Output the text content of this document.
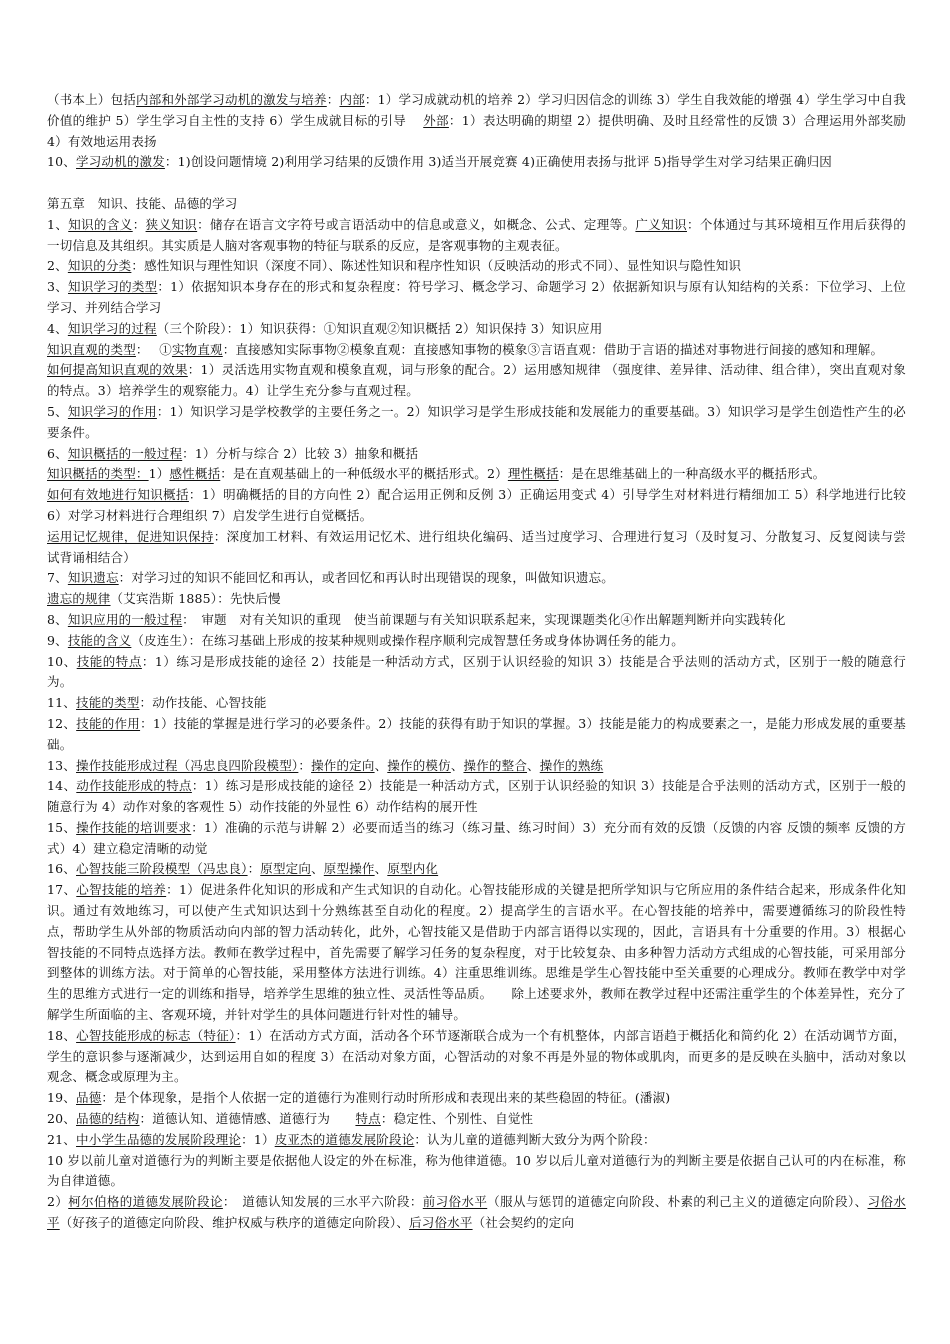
（书本上）包括内部和外部学习动机的激发与培养：内部：1）学习成就动机的培养 2）学习归因信念的训练 3）学生自我效能的增强 4）学生学习中自我价值的维护 5）学生学习自主性的支持 6）学生成就目标的引导　 外部：1）表达明确的期望 2）提供明确、及时且经常性的反馈 3）合理运用外部奖励 4）有效地运用表扬

10、学习动机的激发：1)创设问题情境 2)利用学习结果的反馈作用 3)适当开展竞赛 4)正确使用表扬与批评 5)指导学生对学习结果正确归因

第五章　知识、技能、品德的学习

1、知识的含义：狭义知识：储存在语言文字符号或言语活动中的信息或意义，如概念、公式、定理等。广义知识：个体通过与其环境相互作用后获得的一切信息及其组织。其实质是人脑对客观事物的特征与联系的反应，是客观事物的主观表征。

2、知识的分类：感性知识与理性知识（深度不同）、陈述性知识和程序性知识（反映活动的形式不同）、显性知识与隐性知识

3、知识学习的类型：1）依据知识本身存在的形式和复杂程度：符号学习、概念学习、命题学习 2）依据新知识与原有认知结构的关系：下位学习、上位学习、并列结合学习

4、知识学习的过程（三个阶段）：1）知识获得：①知识直观②知识概括 2）知识保持 3）知识应用

知识直观的类型：　 ①实物直观：直接感知实际事物②模象直观：直接感知事物的模象③言语直观：借助于言语的描述对事物进行间接的感知和理解。

如何提高知识直观的效果：1）灵活选用实物直观和模象直观，词与形象的配合。2）运用感知规律 （强度律、差异律、活动律、组合律），突出直观对象的特点。3）培养学生的观察能力。4）让学生充分参与直观过程。

5、知识学习的作用：1）知识学习是学校教学的主要任务之一。2）知识学习是学生形成技能和发展能力的重要基础。3）知识学习是学生创造性产生的必要条件。

6、知识概括的一般过程：1）分析与综合 2）比较 3）抽象和概括

知识概括的类型：1）感性概括：是在直观基础上的一种低级水平的概括形式。2）理性概括：是在思维基础上的一种高级水平的概括形式。

如何有效地进行知识概括：1）明确概括的目的方向性 2）配合运用正例和反例 3）正确运用变式 4）引导学生对材料进行精细加工 5）科学地进行比较 6）对学习材料进行合理组织 7）启发学生进行自觉概括。

运用记忆规律，促进知识保持：深度加工材料、有效运用记忆术、进行组块化编码、适当过度学习、合理进行复习（及时复习、分散复习、反复阅读与尝试背诵相结合）

7、知识遗忘：对学习过的知识不能回忆和再认，或者回忆和再认时出现错误的现象，叫做知识遗忘。

遗忘的规律（艾宾浩斯 1885）：先快后慢

8、知识应用的一般过程：　审题　对有关知识的重现　使当前课题与有关知识联系起来，实现课题类化④作出解题判断并向实践转化

9、技能的含义（皮连生）：在练习基础上形成的按某种规则或操作程序顺利完成智慧任务或身体协调任务的能力。

10、技能的特点：1）练习是形成技能的途径 2）技能是一种活动方式，区别于认识经验的知识 3）技能是合乎法则的活动方式，区别于一般的随意行为。

11、技能的类型：动作技能、心智技能

12、技能的作用：1）技能的掌握是进行学习的必要条件。2）技能的获得有助于知识的掌握。3）技能是能力的构成要素之一，是能力形成发展的重要基础。

13、操作技能形成过程（冯忠良四阶段模型）：操作的定向、操作的模仿、操作的整合、操作的熟练

14、动作技能形成的特点：1）练习是形成技能的途径 2）技能是一种活动方式，区别于认识经验的知识 3）技能是合乎法则的活动方式，区别于一般的随意行为 4）动作对象的客观性 5）动作技能的外显性 6）动作结构的展开性

15、操作技能的培训要求：1）准确的示范与讲解 2）必要而适当的练习（练习量、练习时间）3）充分而有效的反馈（反馈的内容 反馈的频率 反馈的方式）4）建立稳定清晰的动觉

16、心智技能三阶段模型（冯忠良）：原型定向、原型操作、原型内化

17、心智技能的培养：1）促进条件化知识的形成和产生式知识的自动化。心智技能形成的关键是把所学知识与它所应用的条件结合起来，形成条件化知识。通过有效地练习，可以使产生式知识达到十分熟练甚至自动化的程度。2）提高学生的言语水平。在心智技能的培养中，需要遵循练习的阶段性特点，帮助学生从外部的物质活动向内部的智力活动转化，此外，心智技能又是借助于内部言语得以实现的，因此，言语具有十分重要的作用。3）根据心智技能的不同特点选择方法。教师在教学过程中，首先需要了解学习任务的复杂程度，对于比较复杂、由多种智力活动方式组成的心智技能，可采用部分到整体的训练方法。对于简单的心智技能，采用整体方法进行训练。4）注重思维训练。思维是学生心智技能中至关重要的心理成分。教师在教学中对学生的思维方式进行一定的训练和指导，培养学生思维的独立性、灵活性等品质。　　除上述要求外，教师在教学过程中还需注重学生的个体差异性，充分了解学生所面临的主、客观环境，并针对学生的具体问题进行针对性的辅导。

18、心智技能形成的标志（特征）：1）在活动方式方面，活动各个环节逐渐联合成为一个有机整体，内部言语趋于概括化和简约化 2）在活动调节方面，学生的意识参与逐渐减少，达到运用自如的程度 3）在活动对象方面，心智活动的对象不再是外显的物体或肌肉，而更多的是反映在头脑中，活动对象以观念、概念或原理为主。

19、品德：是个体现象，是指个人依据一定的道德行为准则行动时所形成和表现出来的某些稳固的特征。(潘淑)

20、品德的结构：道德认知、道德情感、道德行为　　特点：稳定性、个别性、自觉性

21、中小学生品德的发展阶段理论：1）皮亚杰的道德发展阶段论：认为儿童的道德判断大致分为两个阶段：

10 岁以前儿童对道德行为的判断主要是依据他人设定的外在标准，称为他律道德。10 岁以后儿童对道德行为的判断主要是依据自己认可的内在标准，称为自律道德。

2）柯尔伯格的道德发展阶段论：　道德认知发展的三水平六阶段：前习俗水平（服从与惩罚的道德定向阶段、朴素的利己主义的道德定向阶段）、习俗水平（好孩子的道德定向阶段、维护权威与秩序的道德定向阶段）、后习俗水平（社会契约的定向
